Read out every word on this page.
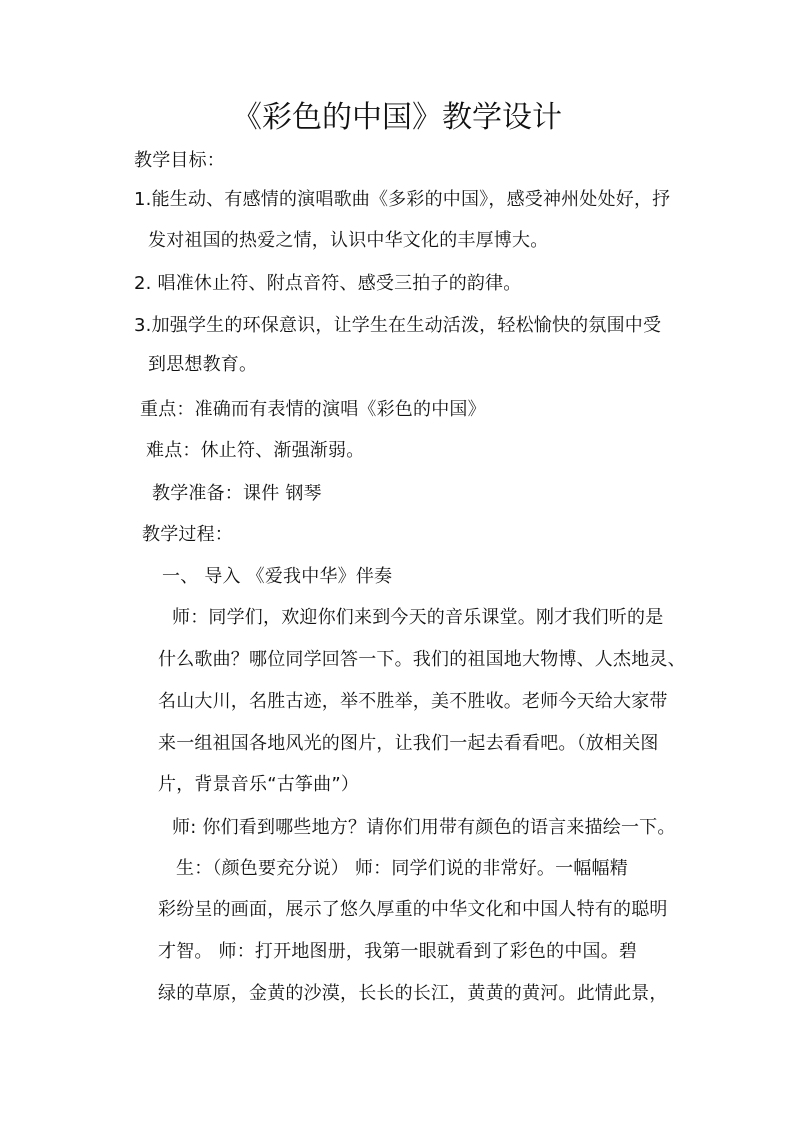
《彩色的中国》教学设计
教学目标：
1.能生动、有感情的演唱歌曲《多彩的中国》，感受神州处处好，抒
发对祖国的热爱之情，认识中华文化的丰厚博大。
2. 唱准休止符、附点音符、感受三拍子的韵律。
3.加强学生的环保意识，让学生在生动活泼，轻松愉快的氛围中受
到思想教育。
重点：准确而有表情的演唱《彩色的中国》
难点：休止符、渐强渐弱。
教学准备：课件 钢琴
教学过程：
一、 导入 《爱我中华》伴奏
师：同学们，欢迎你们来到今天的音乐课堂。刚才我们听的是
什么歌曲？哪位同学回答一下。我们的祖国地大物博、人杰地灵、
名山大川，名胜古迹，举不胜举，美不胜收。老师今天给大家带
来一组祖国各地风光的图片，让我们一起去看看吧。（放相关图
片，背景音乐“古筝曲”）
师: 你们看到哪些地方？请你们用带有颜色的语言来描绘一下。
生：（颜色要充分说） 师：同学们说的非常好。一幅幅精
彩纷呈的画面，展示了悠久厚重的中华文化和中国人特有的聪明
才智。 师：打开地图册，我第一眼就看到了彩色的中国。碧
绿的草原，金黄的沙漠，长长的长江，黄黄的黄河。此情此景，
